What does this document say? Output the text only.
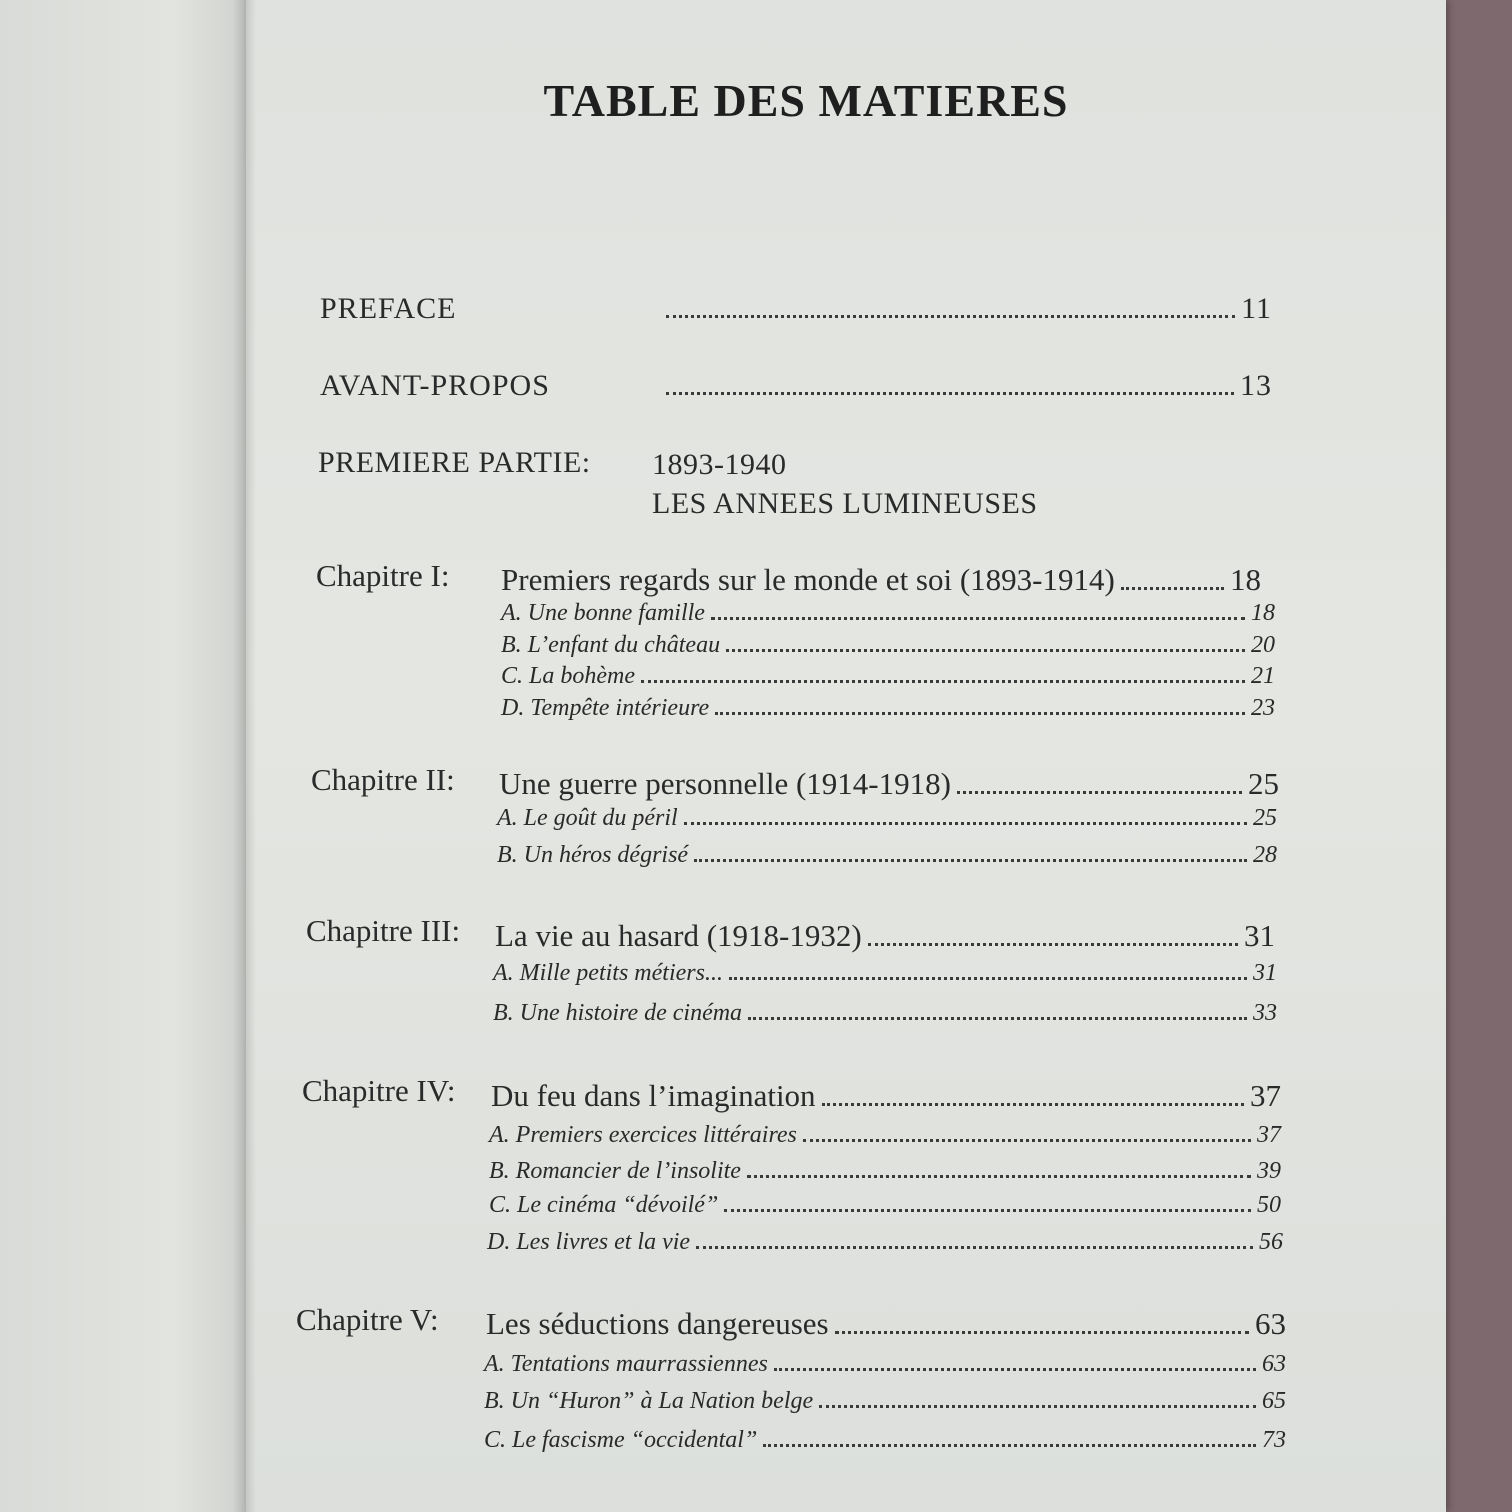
TABLE DES MATIERES
PREFACE	11
AVANT-PROPOS	13
PREMIERE PARTIE: 1893-1940
LES ANNEES LUMINEUSES
Chapitre I: Premiers regards sur le monde et soi (1893-1914)	18
A. Une bonne famille	18
B. L’enfant du château	20
C. La bohème	21
D. Tempête intérieure	23
Chapitre II: Une guerre personnelle (1914-1918)	25
A. Le goût du péril	25
B. Un héros dégrisé	28
Chapitre III: La vie au hasard (1918-1932)	31
A. Mille petits métiers...	31
B. Une histoire de cinéma	33
Chapitre IV: Du feu dans l’imagination	37
A. Premiers exercices littéraires	37
B. Romancier de l’insolite	39
C. Le cinéma “dévoilé”	50
D. Les livres et la vie	56
Chapitre V: Les séductions dangereuses	63
A. Tentations maurrassiennes	63
B. Un “Huron” à La Nation belge	65
C. Le fascisme “occidental”	73
